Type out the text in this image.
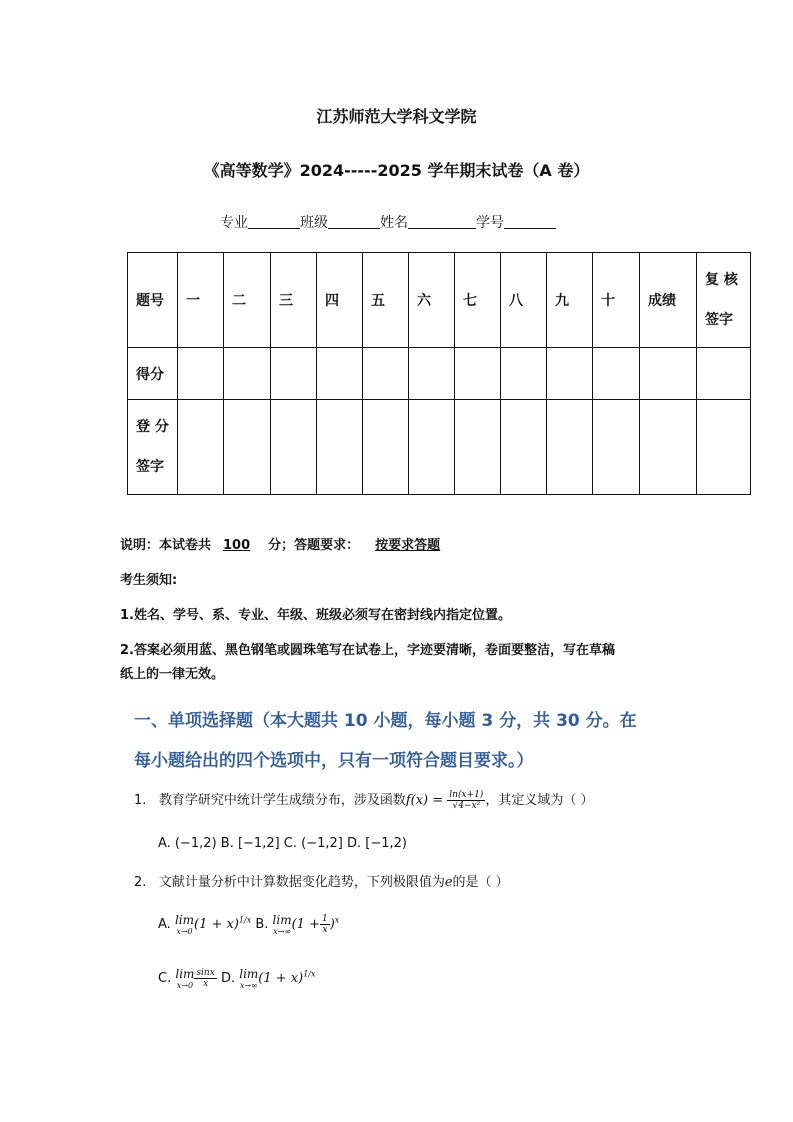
江苏师范大学科文学院
《高等数学》2024-----2025 学年期末试卷（A 卷）
专业	班级	姓名	学号
题号	一	二	三	四	五	六	七	八	九	十	成绩	复 核
签字
得分												
登 分
签字												
说明：本试卷共 100 分；答题要求： 按要求答题
考生须知:
1.姓名、学号、系、专业、年级、班级必须写在密封线内指定位置。
2.答案必须用蓝、黑色钢笔或圆珠笔写在试卷上，字迹要清晰，卷面要整洁，写在草稿
纸上的一律无效。
一、单项选择题（本大题共 10 小题，每小题 3 分，共 30 分。在
每小题给出的四个选项中，只有一项符合题目要求。）
1. 教育学研究中统计学生成绩分布，涉及函数$f(x) = \frac{\ln(x+1)}{\text{√4−x²}}$ ，其定义域为（ ）
A. (−1,2) B. [−1,2] C. (−1,2] D. [−1,2)
2. 文献计量分析中计算数据变化趋势，下列极限值为e的是（ ）
A. lim
x→0 $(1 + x)^{1/x}$ B. lim
x→∞ $(1 + \frac{1}{x} )^x$
C. lim
$x\to 0 \frac{\sin x}{x} D$. lim
x→∞ $(1 + x)^{1/x}$
